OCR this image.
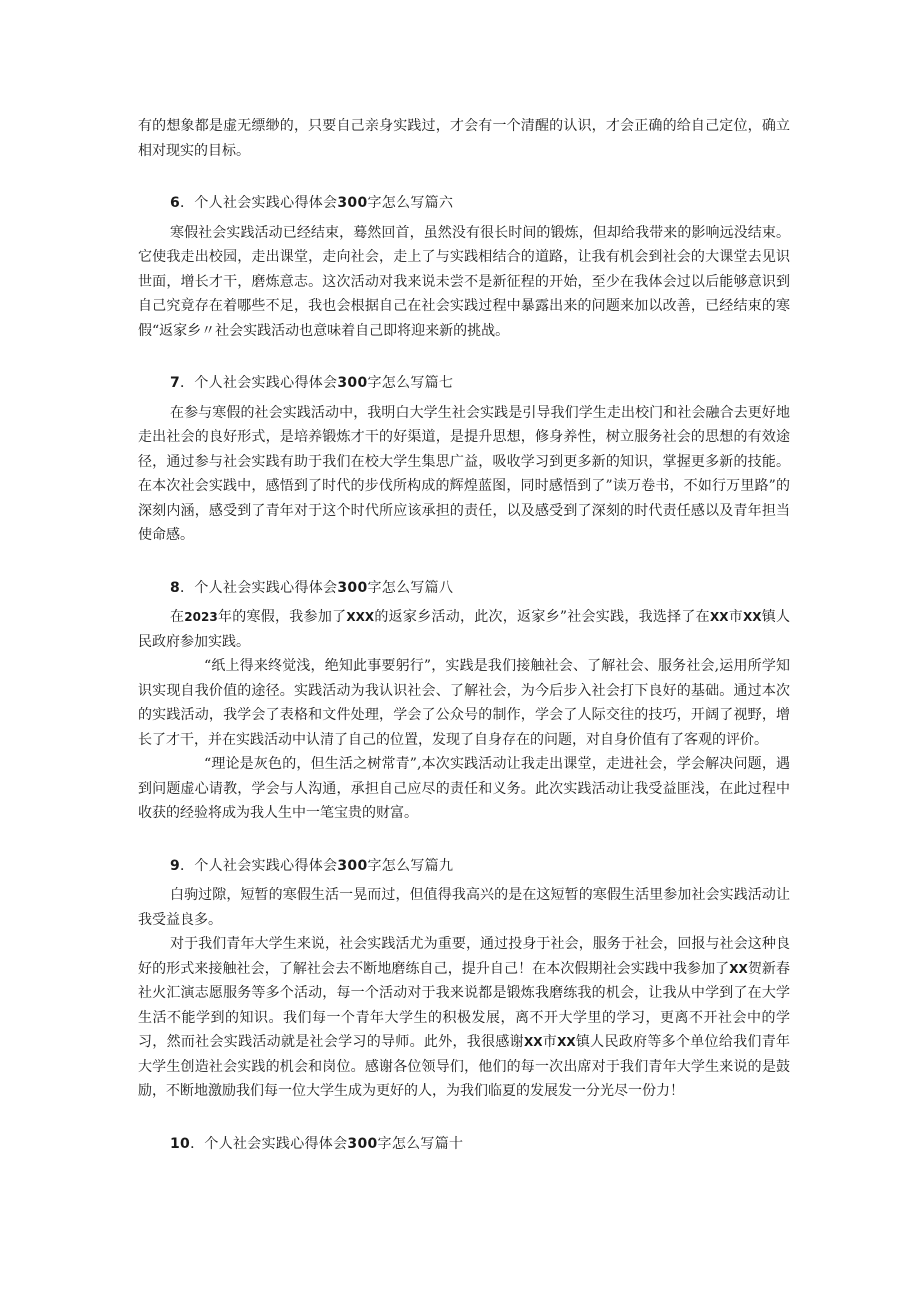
有的想象都是虚无缥缈的，只要自己亲身实践过，才会有一个清醒的认识，才会正确的给自己定位，确立相对现实的目标。

6．个人社会实践心得体会300字怎么写篇六

寒假社会实践活动已经结束，蓦然回首，虽然没有很长时间的锻炼，但却给我带来的影响远没结束。它使我走出校园，走出课堂，走向社会，走上了与实践相结合的道路，让我有机会到社会的大课堂去见识世面，增长才干，磨炼意志。这次活动对我来说未尝不是新征程的开始，至少在我体会过以后能够意识到自己究竟存在着哪些不足，我也会根据自己在社会实践过程中暴露出来的问题来加以改善，已经结束的寒假“返家乡〃社会实践活动也意味着自己即将迎来新的挑战。

7．个人社会实践心得体会300字怎么写篇七

在参与寒假的社会实践活动中，我明白大学生社会实践是引导我们学生走出校门和社会融合去更好地走出社会的良好形式，是培养锻炼才干的好渠道，是提升思想，修身养性，树立服务社会的思想的有效途径，通过参与社会实践有助于我们在校大学生集思广益，吸收学习到更多新的知识，掌握更多新的技能。在本次社会实践中，感悟到了时代的步伐所构成的辉煌蓝图，同时感悟到了”读万卷书，不如行万里路”的深刻内涵，感受到了青年对于这个时代所应该承担的责任，以及感受到了深刻的时代责任感以及青年担当使命感。

8．个人社会实践心得体会300字怎么写篇八

在2023年的寒假，我参加了XXX的返家乡活动，此次，返家乡”社会实践，我选择了在XX市XX镇人民政府参加实践。

“纸上得来终觉浅，绝知此事要躬行”，实践是我们接触社会、了解社会、服务社会,运用所学知识实现自我价值的途径。实践活动为我认识社会、了解社会，为今后步入社会打下良好的基础。通过本次的实践活动，我学会了表格和文件处理，学会了公众号的制作，学会了人际交往的技巧，开阔了视野，增长了才干，并在实践活动中认清了自己的位置，发现了自身存在的问题，对自身价值有了客观的评价。

“理论是灰色的，但生活之树常青”,本次实践活动让我走出课堂，走进社会，学会解决问题，遇到问题虚心请教，学会与人沟通，承担自己应尽的责任和义务。此次实践活动让我受益匪浅，在此过程中收获的经验将成为我人生中一笔宝贵的财富。

9．个人社会实践心得体会300字怎么写篇九

白驹过隙，短暂的寒假生活一晃而过，但值得我高兴的是在这短暂的寒假生活里参加社会实践活动让我受益良多。

对于我们青年大学生来说，社会实践活尤为重要，通过投身于社会，服务于社会，回报与社会这种良好的形式来接触社会，了解社会去不断地磨练自己，提升自己！在本次假期社会实践中我参加了XX贺新春社火汇演志愿服务等多个活动，每一个活动对于我来说都是锻炼我磨练我的机会，让我从中学到了在大学生活不能学到的知识。我们每一个青年大学生的积极发展，离不开大学里的学习，更离不开社会中的学习，然而社会实践活动就是社会学习的导师。此外，我很感谢XX市XX镇人民政府等多个单位给我们青年大学生创造社会实践的机会和岗位。感谢各位领导们，他们的每一次出席对于我们青年大学生来说的是鼓励，不断地激励我们每一位大学生成为更好的人，为我们临夏的发展发一分光尽一份力！

10．个人社会实践心得体会300字怎么写篇十
